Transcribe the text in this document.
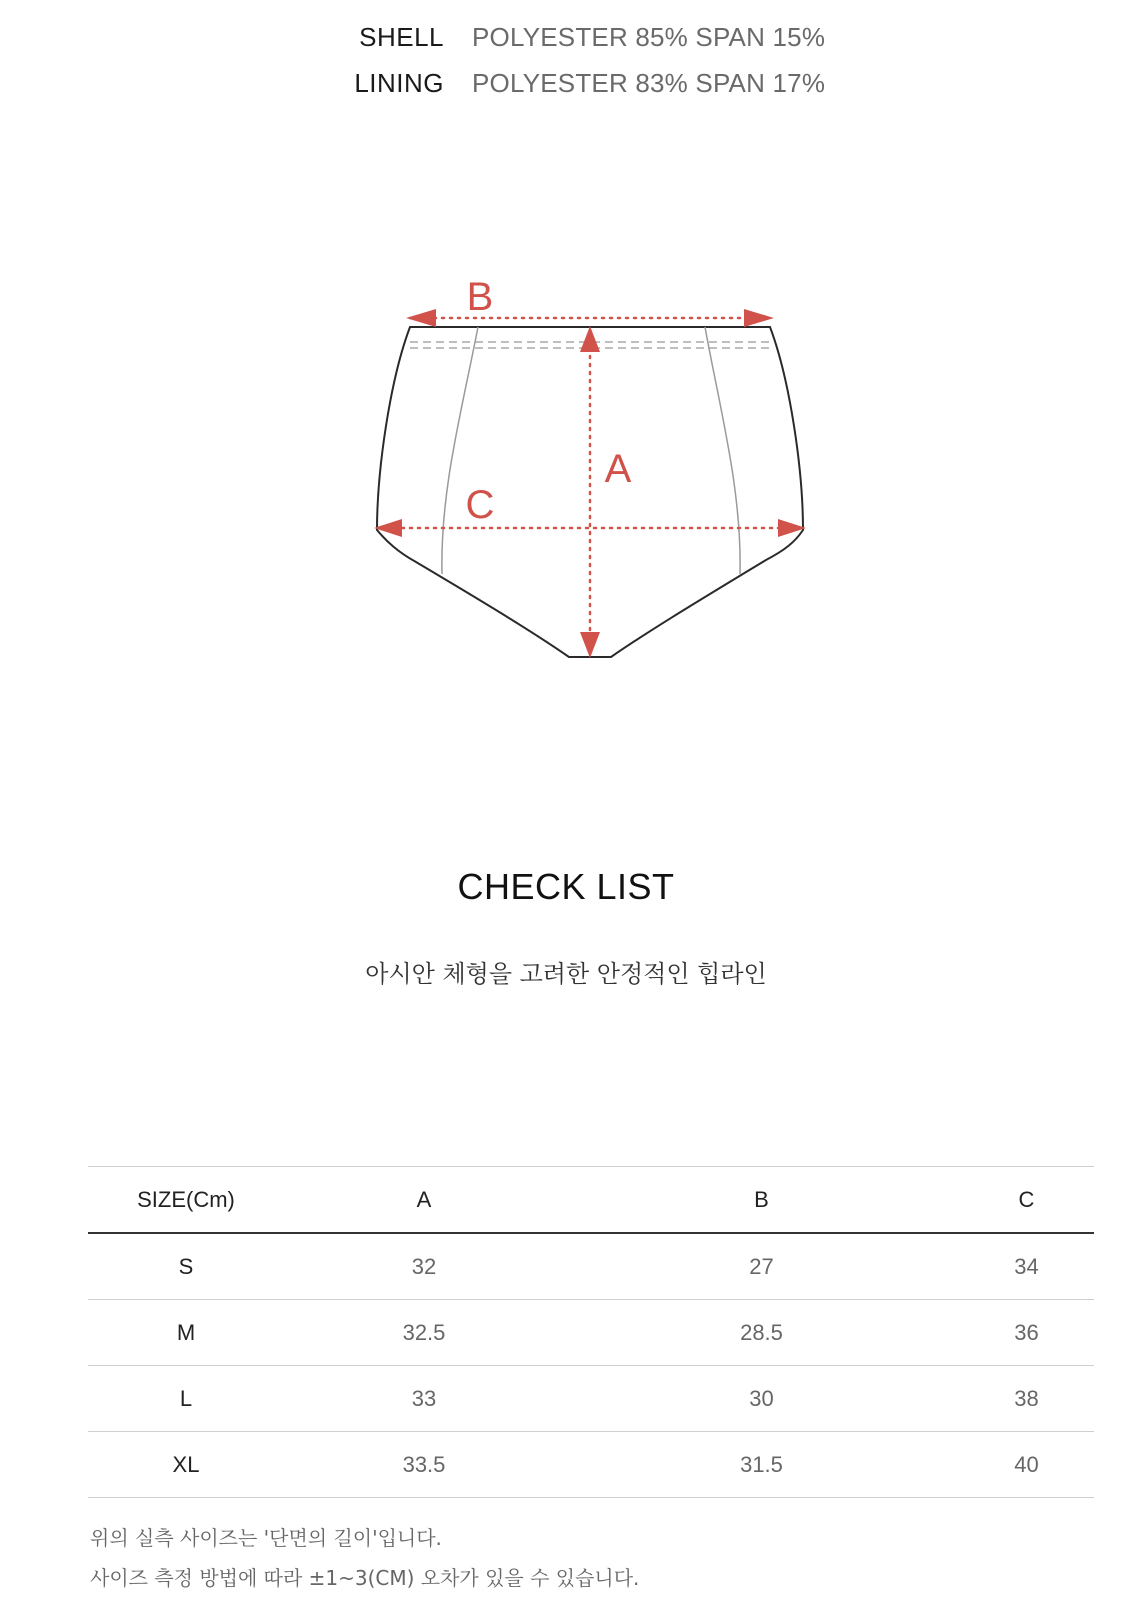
SHELL POLYESTER 85% SPAN 15%
LINING POLYESTER 83% SPAN 17%
B
A
C
CHECK LIST
아시안 체형을 고려한 안정적인 힙라인
SIZE(Cm)	A	B	C
S	32	27	34
M	32.5	28.5	36
L	33	30	38
XL	33.5	31.5	40
위의 실측 사이즈는 '단면의 길이'입니다.
사이즈 측정 방법에 따라 ±1~3(CM) 오차가 있을 수 있습니다.
